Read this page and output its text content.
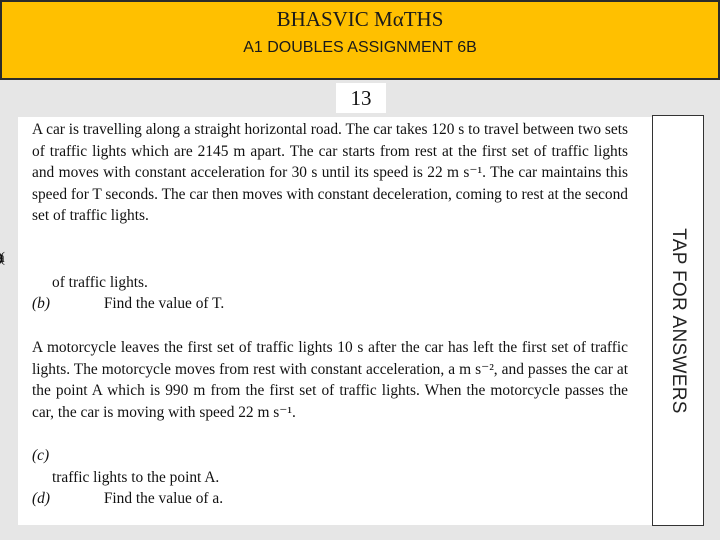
BHASVIC MαTHS
A1 DOUBLES ASSIGNMENT 6B
13
A car is travelling along a straight horizontal road. The car takes 120 s to travel between two sets of traffic lights which are 2145 m apart. The car starts from rest at the first set of traffic lights and moves with constant acceleration for 30 s until its speed is 22 m s⁻¹. The car maintains this speed for T seconds. The car then moves with constant deceleration, coming to rest at the second set of traffic lights.
of traffic lights.
(b)	Find the value of T.
A motorcycle leaves the first set of traffic lights 10 s after the car has left the first set of traffic lights. The motorcycle moves from rest with constant acceleration, a m s⁻², and passes the car at the point A which is 990 m from the first set of traffic lights. When the motorcycle passes the car, the car is moving with speed 22 m s⁻¹.
(c)
traffic lights to the point A.
(d)	Find the value of a.
TAP FOR ANSWERS
